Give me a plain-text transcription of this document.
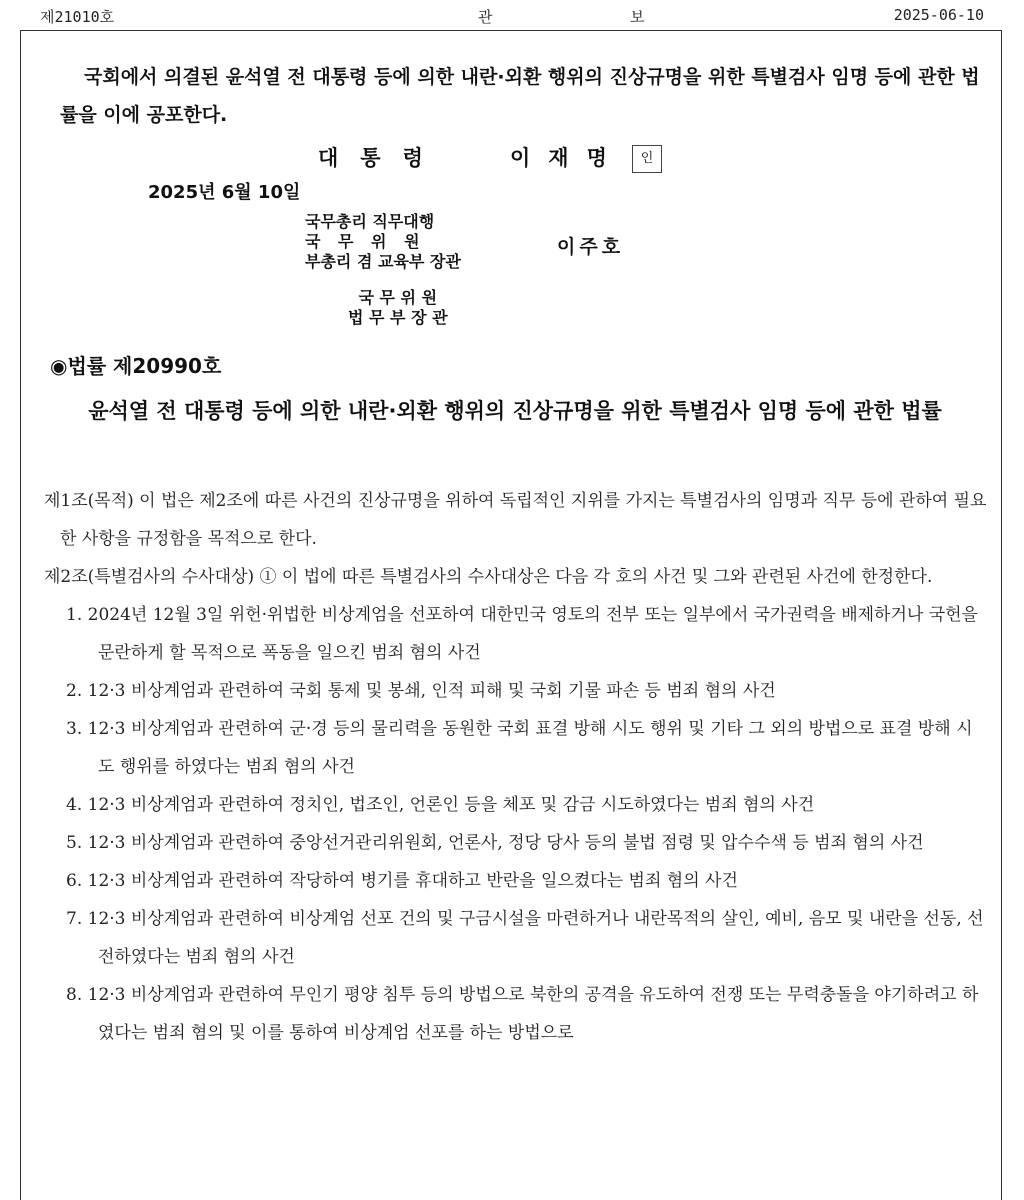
제21010호	관	보	2025-06-10
국회에서 의결된 윤석열 전 대통령 등에 의한 내란·외환 행위의 진상규명을 위한 특별검사 임명 등에 관한 법률을 이에 공포한다.
대통령	이재명	인
2025년 6월 10일
국무총리 직무대행
국 무 위 원
부총리 겸 교육부 장관
이주호
국 무 위 원
법 무 부 장 관
◉법률 제20990호
윤석열 전 대통령 등에 의한 내란·외환 행위의 진상규명을 위한 특별검사 임명 등에 관한 법률

제1조(목적) 이 법은 제2조에 따른 사건의 진상규명을 위하여 독립적인 지위를 가지는 특별검사의 임명과 직무 등에 관하여 필요한 사항을 규정함을 목적으로 한다.

제2조(특별검사의 수사대상) ① 이 법에 따른 특별검사의 수사대상은 다음 각 호의 사건 및 그와 관련된 사건에 한정한다.

1. 2024년 12월 3일 위헌·위법한 비상계엄을 선포하여 대한민국 영토의 전부 또는 일부에서 국가권력을 배제하거나 국헌을 문란하게 할 목적으로 폭동을 일으킨 범죄 혐의 사건

2. 12·3 비상계엄과 관련하여 국회 통제 및 봉쇄, 인적 피해 및 국회 기물 파손 등 범죄 혐의 사건

3. 12·3 비상계엄과 관련하여 군·경 등의 물리력을 동원한 국회 표결 방해 시도 행위 및 기타 그 외의 방법으로 표결 방해 시도 행위를 하였다는 범죄 혐의 사건

4. 12·3 비상계엄과 관련하여 정치인, 법조인, 언론인 등을 체포 및 감금 시도하였다는 범죄 혐의 사건

5. 12·3 비상계엄과 관련하여 중앙선거관리위원회, 언론사, 정당 당사 등의 불법 점령 및 압수수색 등 범죄 혐의 사건

6. 12·3 비상계엄과 관련하여 작당하여 병기를 휴대하고 반란을 일으켰다는 범죄 혐의 사건

7. 12·3 비상계엄과 관련하여 비상계엄 선포 건의 및 구금시설을 마련하거나 내란목적의 살인, 예비, 음모 및 내란을 선동, 선전하였다는 범죄 혐의 사건

8. 12·3 비상계엄과 관련하여 무인기 평양 침투 등의 방법으로 북한의 공격을 유도하여 전쟁 또는 무력충돌을 야기하려고 하였다는 범죄 혐의 및 이를 통하여 비상계엄 선포를 하는 방법으로
